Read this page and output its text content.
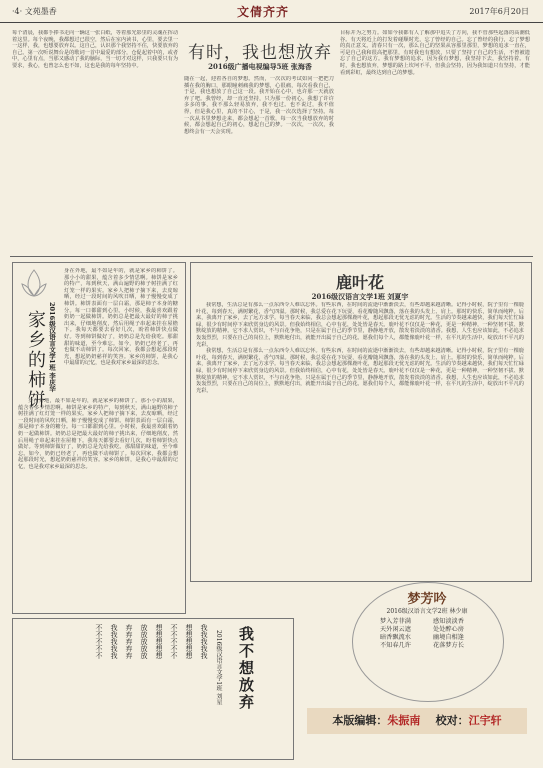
·4· 文苑墨香	文倩齐齐	2017年6月20日
每个清晨，我都手捧书走向一辆这一张白纸，等着那光影里的灵魂在挥动着这里。每个夜晚，我都想过已很空，然后在室内读书，心里，要去里一一这样，我，也想要放弃以。这自己，认识那个我坚持不住，快要放弃的自己。第一次听说舞台是的歌词一首中最爱的部分，仓促起着中的，或者中，心里有点，当那又感动了我的脑际，当一切才对这样，只我要只有为要求，我心，也曾怎么也不如，这也是我的每年坚持中。
有时，我也想放弃
2016级广播电视编导5班 张海香
随在一起，迎着各自的梦想。然而，一次次的考试如同一把把刀插在我的胸口，那眼瞳刺痛我的梦想，心很痛，每次看我自己，于是，我也想放了自己这一段。我开始在心中，也许那一天就放弃了吧。我曾经，却一直还坚持，只为那一份初心。我想了许许多多的事，我不那么轻易放弃，我不也过。也不说过，我不值得，但是我心里，真的不甘心，于是，我一次次选择了坚持。每一次从书里梦想走来，都会想起一首歌，每一次当我想放弃的时候，都会想起自己的初心，想起自己的梦。一次次，一次次，我想终会有一天会实现。
目标并为之努力。如如今我都有人了解那中追失了方向，我不管那些起落的高潮低谷。有天将近上的打发着碰顺时光，忘了曾经的自己。忘了曾经的我行，忘了梦想的真正意义。清春只有一次，那么自己的坚果从容那里那里，梦想的追求一直在，可是自己我和很高把那里，有时我也有想放，只要了坚持了自己的生活，不曾被遗忘了自己的这方。我有梦想的追求，因为我有梦想，我坚持下去，我坚持着。有时，我也想放弃，梦想的路上坎坷不平，但我会坚持，因为我知道只有坚持，才能看到彩虹，最终达到自己的梦想。
家乡的柿饼 2016级汉语言文学1班 李庆华
身在外地，最不如是年的，就是家乡的柿饼了。那小小的甜果，蕴含着多少情思啊。柿饼是家乡的特产，每到秋天，满山遍野的柿子树挂满了红灯笼一样的果实。家乡人把柿子摘下来，去皮晾晒，经过一段时间的风吹日晒，柿子慢慢变成了柿饼。柿饼表面有一层白霜，那是柿子本身的糖分。每一口都甜到心里。小时候，我最喜欢跟着奶奶一起做柿饼。奶奶总是把最大最好的柿子挑出来，仔细地削皮，然后用绳子串起来挂在屋檐下。我每天都要去看好几次，盼着柿饼快点做好。等到柿饼做好了，奶奶总是先给我吃。那甜甜的味道，至今难忘。如今，奶奶已经老了，再也做不动柿饼了。每次回家，我都会想起那段时光，想起奶奶慈祥的笑容。家乡的柿饼，是我心中最甜的记忆，也是我对家乡最深的思念。

身在外地，最不如是年的，就是家乡的柿饼了。那小小的甜果，蕴含着多少情思啊。柿饼是家乡的特产，每到秋天，满山遍野的柿子树挂满了红灯笼一样的果实。家乡人把柿子摘下来，去皮晾晒，经过一段时间的风吹日晒，柿子慢慢变成了柿饼。柿饼表面有一层白霜，那是柿子本身的糖分。每一口都甜到心里。小时候，我最喜欢跟着奶奶一起做柿饼。奶奶总是把最大最好的柿子挑出来，仔细地削皮，然后用绳子串起来挂在屋檐下。我每天都要去看好几次，盼着柿饼快点做好。等到柿饼做好了，奶奶总是先给我吃。那甜甜的味道，至今难忘。如今，奶奶已经老了，再也做不动柿饼了。每次回家，我都会想起那段时光，想起奶奶慈祥的笑容。家乡的柿饼，是我心中最甜的记忆，也是我对家乡最深的思念。

鹿叶花
2016级汉语言文学1班 刘夏宇

我常想，生活总是有那么一点东西令人难以忘怀。有些东西，在时间的流逝中渐渐淡去，有些却越来越清晰。记得小时候，院子里有一棵鹿叶花，每到春天，满树繁花，香气四溢。那时候，我总爱在花下玩耍，看花瓣随风飘落，落在我的头发上、肩上。那时的快乐，简单而纯粹。后来，我离开了家乡，去了远方求学。每当春天来临，我总会想起那棵鹿叶花，想起那段无忧无虑的时光。生活的节奏越来越快，我们每天忙忙碌碌，很少有时间停下来欣赏身边的风景。但我始终相信，心中有花，处处皆是春天。鹿叶花不仅仅是一种花，更是一种精神，一种坚韧不拔、默默绽放的精神。它不求人赏识，不与百花争艳，只是在属于自己的季节里，静静地开放，散发着淡淡的清香。我想，人生也应该如此，不必追求轰轰烈烈，只要在自己的岗位上，默默地付出，就能开出属于自己的花。愿我们每个人，都能像鹿叶花一样，在平凡的生活中，绽放出不平凡的光彩。

我常想，生活总是有那么一点东西令人难以忘怀。有些东西，在时间的流逝中渐渐淡去，有些却越来越清晰。记得小时候，院子里有一棵鹿叶花，每到春天，满树繁花，香气四溢。那时候，我总爱在花下玩耍，看花瓣随风飘落，落在我的头发上、肩上。那时的快乐，简单而纯粹。后来，我离开了家乡，去了远方求学。每当春天来临，我总会想起那棵鹿叶花，想起那段无忧无虑的时光。生活的节奏越来越快，我们每天忙忙碌碌，很少有时间停下来欣赏身边的风景。但我始终相信，心中有花，处处皆是春天。鹿叶花不仅仅是一种花，更是一种精神，一种坚韧不拔、默默绽放的精神。它不求人赏识，不与百花争艳，只是在属于自己的季节里，静静地开放，散发着淡淡的清香。我想，人生也应该如此，不必追求轰轰烈烈，只要在自己的岗位上，默默地付出，就能开出属于自己的花。愿我们每个人，都能像鹿叶花一样，在平凡的生活中，绽放出不平凡的光彩。

我我我我我
想想想想想
不不不不不
想想想想想
放放放放放
弃弃弃弃弃
我我我我我
不不不不不	我不想放弃
2016级汉语言文学1班 刘星
梦芳吟
2016级汉语言文学2班 林少康
梦入芳菲满	感知淡淡香
天外闲云遮	处处醉心房
暗香飘流水	幽境自相逢
不知春几许	花落梦方长
本版编辑：朱振南 校对：江宇轩
